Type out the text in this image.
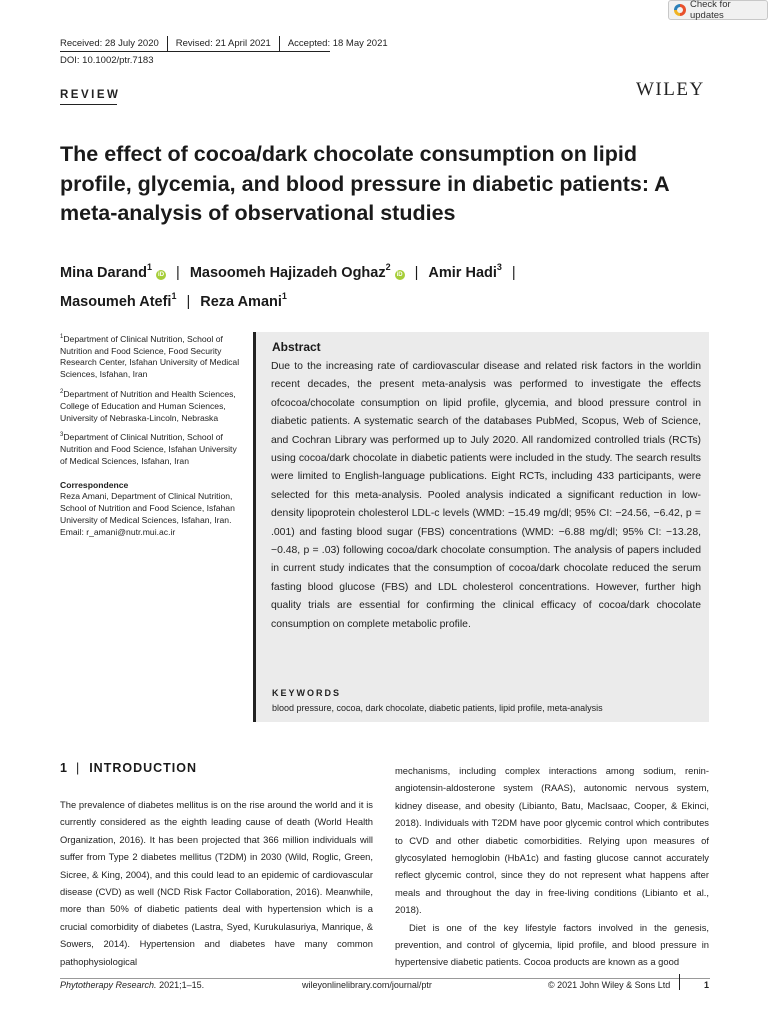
Check for updates
Received: 28 July 2020	Revised: 21 April 2021	Accepted: 18 May 2021
DOI: 10.1002/ptr.7183
REVIEW	WILEY
The effect of cocoa/dark chocolate consumption on lipid profile, glycemia, and blood pressure in diabetic patients: A meta-analysis of observational studies
Mina Darand$^1$iD | Masoomeh Hajizadeh Oghaz$^2$iD | Amir Hadi$^3$ |
Masoumeh Atefi$^1$ | Reza Amani$^1$

$^1$Department of Clinical Nutrition, School of Nutrition and Food Science, Food Security Research Center, Isfahan University of Medical Sciences, Isfahan, Iran

$^2$Department of Nutrition and Health Sciences, College of Education and Human Sciences, University of Nebraska-Lincoln, Nebraska

$^3$Department of Clinical Nutrition, School of Nutrition and Food Science, Isfahan University of Medical Sciences, Isfahan, Iran

Correspondence

Reza Amani, Department of Clinical Nutrition, School of Nutrition and Food Science, Isfahan University of Medical Sciences, Isfahan, Iran.

Email: r_amani@nutr.mui.ac.ir

Abstract
Due to the increasing rate of cardiovascular disease and related risk factors in the worldin recent decades, the present meta-analysis was performed to investigate the effects ofcocoa/chocolate consumption on lipid profile, glycemia, and blood pressure control in diabetic patients. A systematic search of the databases PubMed, Scopus, Web of Science, and Cochran Library was performed up to July 2020. All randomized controlled trials (RCTs) using cocoa/dark chocolate in diabetic patients were included in the study. The search results were limited to English-language publications. Eight RCTs, including 433 participants, were selected for this meta-analysis. Pooled analysis indicated a significant reduction in low-density lipoprotein cholesterol LDL-c levels (WMD: −15.49 mg/dl; 95% CI: −24.56, −6.42, p = .001) and fasting blood sugar (FBS) concentrations (WMD: −6.88 mg/dl; 95% CI: −13.28, −0.48, p = .03) following cocoa/dark chocolate consumption. The analysis of papers included in current study indicates that the consumption of cocoa/dark chocolate reduced the serum fasting blood glucose (FBS) and LDL cholesterol concentrations. However, further high quality trials are essential for confirming the clinical efficacy of cocoa/dark chocolate consumption on complete metabolic profile.
KEYWORDS
blood pressure, cocoa, dark chocolate, diabetic patients, lipid profile, meta-analysis
1 | INTRODUCTION

The prevalence of diabetes mellitus is on the rise around the world and it is currently considered as the eighth leading cause of death (World Health Organization, 2016). It has been projected that 366 million individuals will suffer from Type 2 diabetes mellitus (T2DM) in 2030 (Wild, Roglic, Green, Sicree, & King, 2004), and this could lead to an epidemic of cardiovascular disease (CVD) as well (NCD Risk Factor Collaboration, 2016). Meanwhile, more than 50% of diabetic patients deal with hypertension which is a crucial comorbidity of diabetes (Lastra, Syed, Kurukulasuriya, Manrique, & Sowers, 2014). Hypertension and diabetes have many common pathophysiological

mechanisms, including complex interactions among sodium, renin-angiotensin-aldosterone system (RAAS), autonomic nervous system, kidney disease, and obesity (Libianto, Batu, MacIsaac, Cooper, & Ekinci, 2018). Individuals with T2DM have poor glycemic control which contributes to CVD and other diabetic comorbidities. Relying upon measures of glycosylated hemoglobin (HbA1c) and fasting glucose cannot accurately reflect glycemic control, since they do not represent what happens after meals and throughout the day in free-living conditions (Libianto et al., 2018).

Diet is one of the key lifestyle factors involved in the genesis, prevention, and control of glycemia, lipid profile, and blood pressure in hypertensive diabetic patients. Cocoa products are known as a good

Phytotherapy Research. 2021;1–15.	wileyonlinelibrary.com/journal/ptr	© 2021 John Wiley & Sons Ltd	1
